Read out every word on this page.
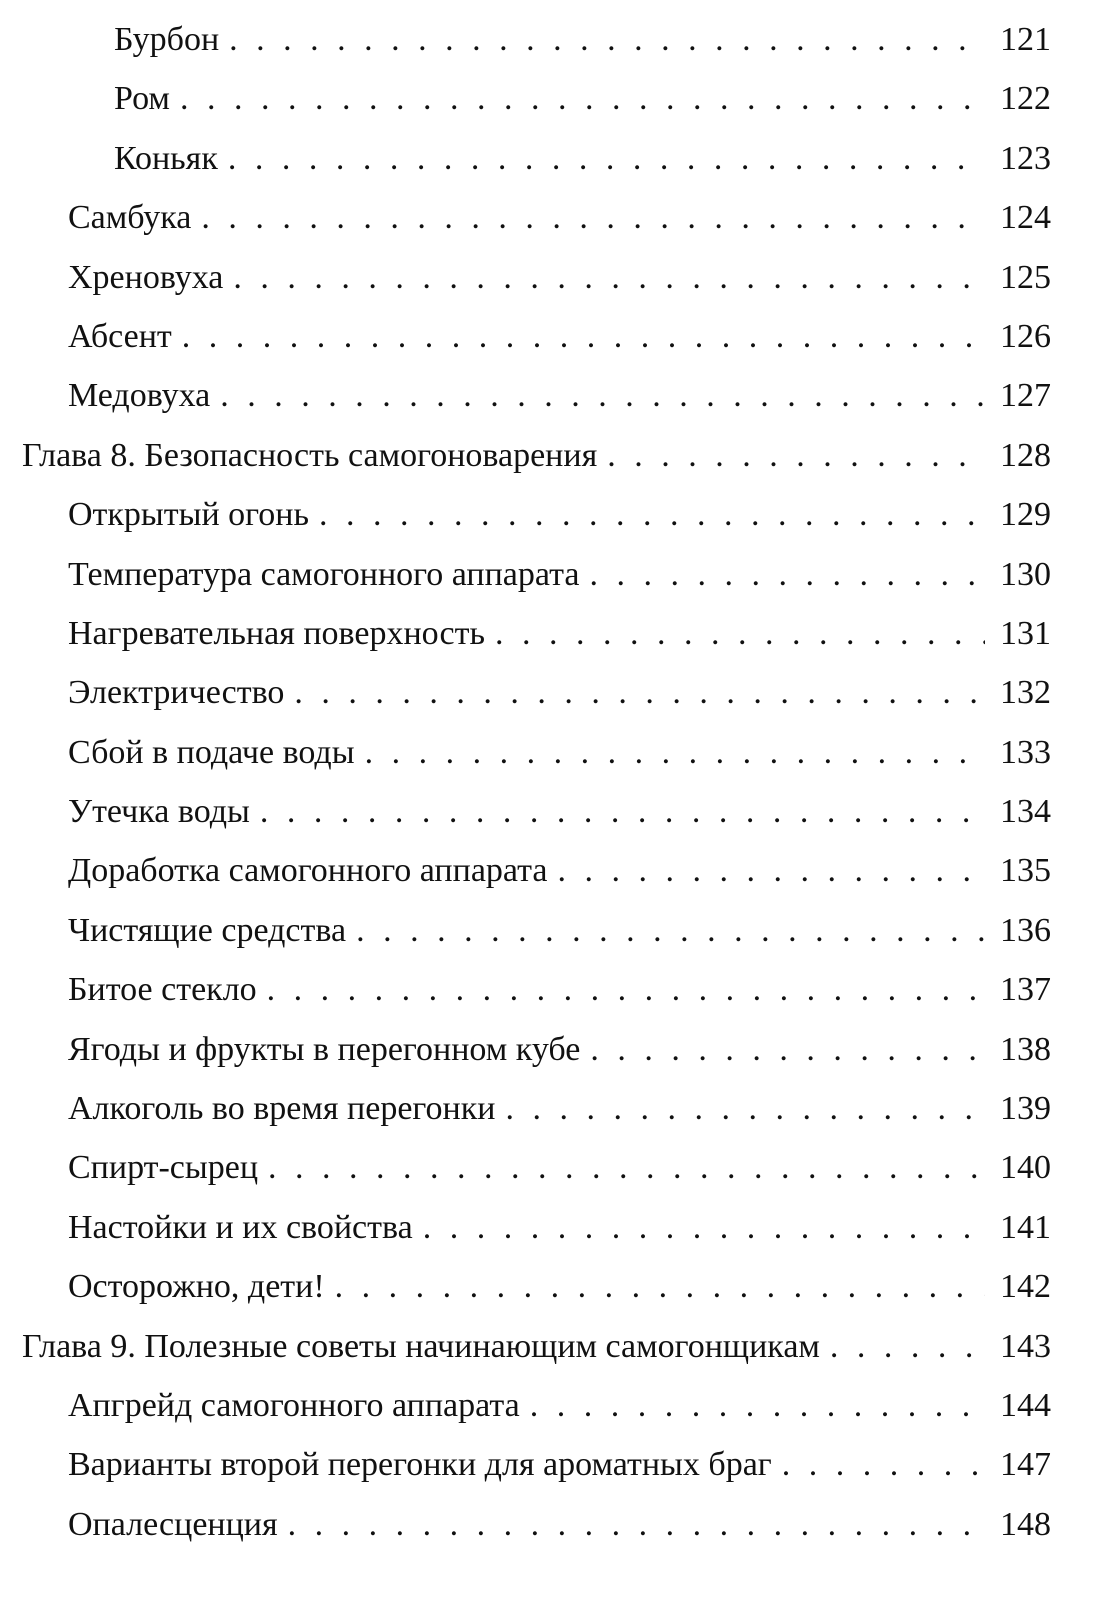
Бурбон . . .	121
Ром . . .	122
Коньяк . . .	123
Самбука . . .	124
Хреновуха . . .	125
Абсент . . .	126
Медовуха . . .	127
Глава 8. Безопасность самогоноварения . . .	128
Открытый огонь . . .	129
Температура самогонного аппарата . . .	130
Нагревательная поверхность . . .	131
Электричество . . .	132
Сбой в подаче воды . . .	133
Утечка воды . . .	134
Доработка самогонного аппарата . . .	135
Чистящие средства . . .	136
Битое стекло . . .	137
Ягоды и фрукты в перегонном кубе . . .	138
Алкоголь во время перегонки . . .	139
Спирт-сырец . . .	140
Настойки и их свойства . . .	141
Осторожно, дети! . . .	142
Глава 9. Полезные советы начинающим самогонщикам . . .	143
Апгрейд самогонного аппарата . . .	144
Варианты второй перегонки для ароматных браг . . .	147
Опалесценция . . .	148
